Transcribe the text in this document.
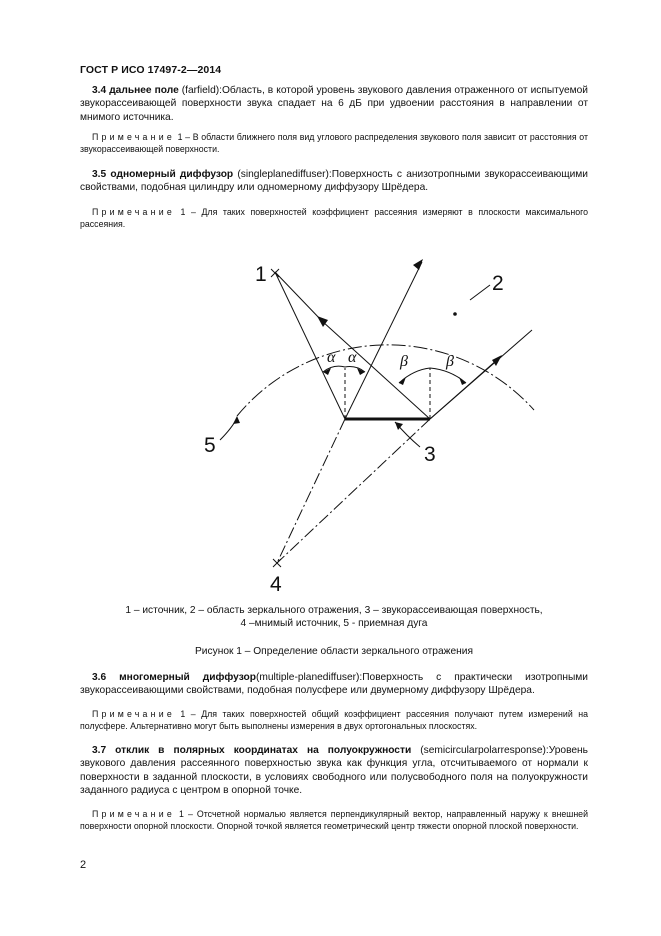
ГОСТ Р ИСО 17497-2—2014
3.4 дальнее поле (farfield):Область, в которой уровень звукового давления отраженного от испытуемой звукорассеивающей поверхности звука спадает на 6 дБ при удвоении расстояния в направлении от мнимого источника.
Примечание 1 – В области ближнего поля вид углового распределения звукового поля зависит от расстояния от звукорассеивающей поверхности.
3.5 одномерный диффузор (singleplanediffuser):Поверхность с анизотропными звукорассеивающими свойствами, подобная цилиндру или одномерному диффузору Шрёдера.
Примечание 1 – Для таких поверхностей коэффициент рассеяния измеряют в плоскости максимального рассеяния.
1	2
3
4
5
α α	β β
1 – источник, 2 – область зеркального отражения, 3 – звукорассеивающая поверхность,
4 –мнимый источник, 5 - приемная дуга
Рисунок 1 – Определение области зеркального отражения
3.6 многомерный диффузор(multiple-planediffuser):Поверхность с практически изотропными звукорассеивающими свойствами, подобная полусфере или двумерному диффузору Шрёдера.
Примечание 1 – Для таких поверхностей общий коэффициент рассеяния получают путем измерений на полусфере. Альтернативно могут быть выполнены измерения в двух ортогональных плоскостях.
3.7 отклик в полярных координатах на полуокружности (semicircularpolarresponse):Уровень звукового давления рассеянного поверхностью звука как функция угла, отсчитываемого от нормали к поверхности в заданной плоскости, в условиях свободного или полусвободного поля на полуокружности заданного радиуса с центром в опорной точке.
Примечание 1 – Отсчетной нормалью является перпендикулярный вектор, направленный наружу к внешней поверхности опорной плоскости. Опорной точкой является геометрический центр тяжести опорной плоской поверхности.
2
